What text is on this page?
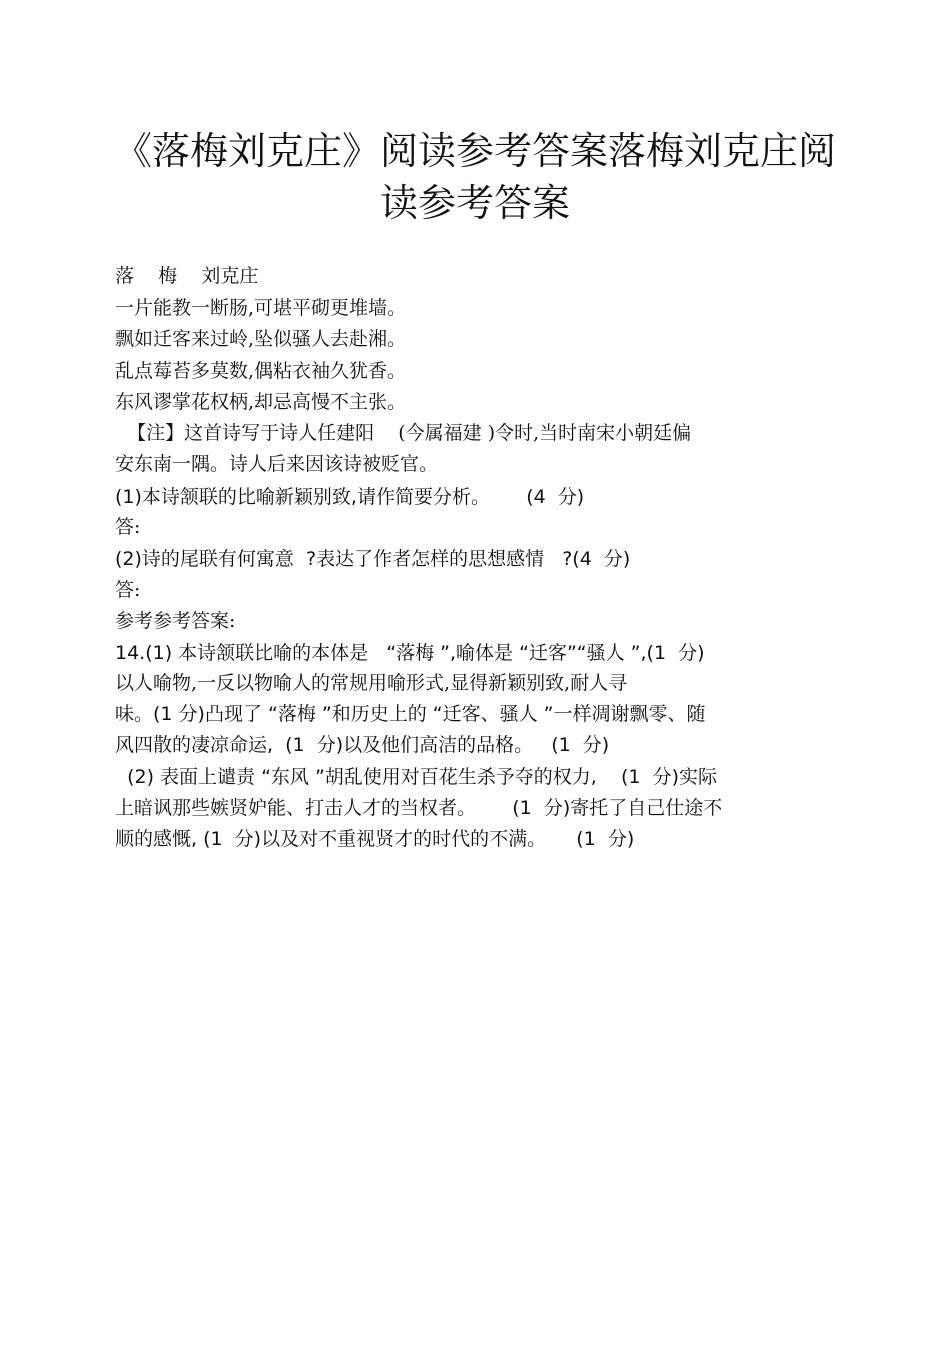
《落梅刘克庄》阅读参考答案落梅刘克庄阅
读参考答案
落    梅    刘克庄
一片能教一断肠,可堪平砌更堆墙。
飘如迁客来过岭,坠似骚人去赴湘。
乱点莓苔多莫数,偶粘衣袖久犹香。
东风谬掌花权柄,却忌高慢不主张。
【注】这首诗写于诗人任建阳    (今属福建 )令时,当时南宋小朝廷偏
安东南一隅。诗人后来因该诗被贬官。
(1)本诗颔联的比喻新颖别致,请作简要分析。      (4  分)
答:
(2)诗的尾联有何寓意  ?表达了作者怎样的思想感情   ?(4  分)
答:
参考参考答案:
14.(1) 本诗颔联比喻的本体是   “落梅 ”,喻体是 “迁客”“骚人 ”,(1  分)
以人喻物,一反以物喻人的常规用喻形式,显得新颖别致,耐人寻
味。(1 分)凸现了 “落梅 ”和历史上的 “迁客、骚人 ”一样凋谢飘零、随
风四散的凄凉命运,  (1  分)以及他们高洁的品格。   (1  分)
(2) 表面上谴责 “东风 ”胡乱使用对百花生杀予夺的权力,    (1  分)实际
上暗讽那些嫉贤妒能、打击人才的当权者。      (1  分)寄托了自己仕途不
顺的感慨, (1  分)以及对不重视贤才的时代的不满。     (1  分)
